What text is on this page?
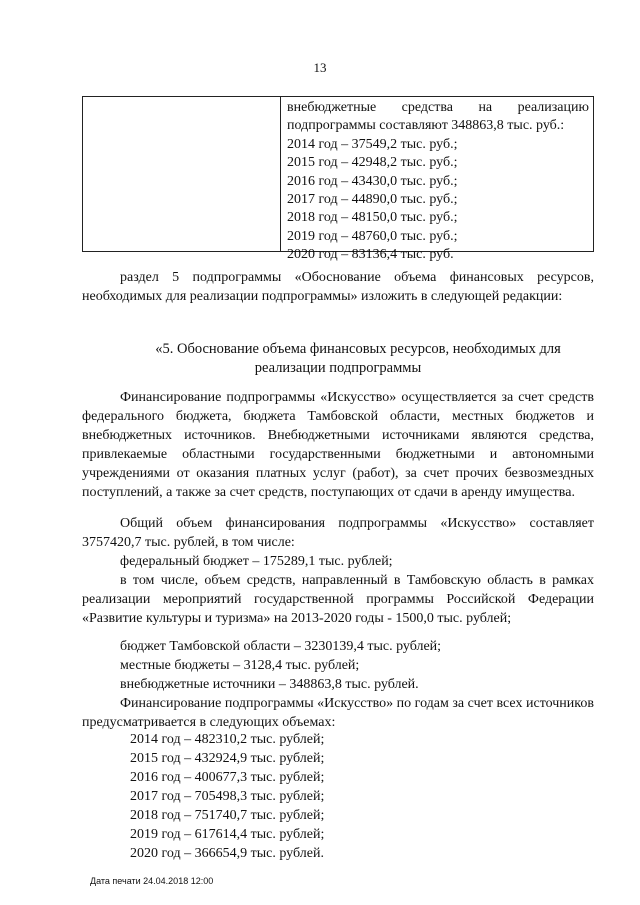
13
внебюджетные средства на реализацию
подпрограммы составляют 348863,8 тыс. руб.:
2014 год – 37549,2 тыс. руб.;
2015 год – 42948,2 тыс. руб.;
2016 год – 43430,0 тыс. руб.;
2017 год – 44890,0 тыс. руб.;
2018 год – 48150,0 тыс. руб.;
2019 год – 48760,0 тыс. руб.;
2020 год – 83136,4 тыс. руб.
раздел 5 подпрограммы «Обоснование объема финансовых ресурсов, необходимых для реализации подпрограммы» изложить в следующей редакции:
«5. Обоснование объема финансовых ресурсов, необходимых для
реализации подпрограммы
Финансирование подпрограммы «Искусство» осуществляется за счет средств федерального бюджета, бюджета Тамбовской области, местных бюджетов и внебюджетных источников. Внебюджетными источниками являются средства, привлекаемые областными государственными бюджетными и автономными учреждениями от оказания платных услуг (работ), за счет прочих безвозмездных поступлений, а также за счет средств, поступающих от сдачи в аренду имущества.
Общий объем финансирования подпрограммы «Искусство» составляет 3757420,7 тыс. рублей, в том числе:
федеральный бюджет – 175289,1 тыс. рублей;
в том числе, объем средств, направленный в Тамбовскую область в рамках реализации мероприятий государственной программы Российской Федерации «Развитие культуры и туризма» на 2013-2020 годы - 1500,0 тыс. рублей;
бюджет Тамбовской области – 3230139,4 тыс. рублей;
местные бюджеты – 3128,4 тыс. рублей;
внебюджетные источники – 348863,8 тыс. рублей.
Финансирование подпрограммы «Искусство» по годам за счет всех источников предусматривается в следующих объемах:
2014 год – 482310,2 тыс. рублей;
2015 год – 432924,9 тыс. рублей;
2016 год – 400677,3 тыс. рублей;
2017 год – 705498,3 тыс. рублей;
2018 год – 751740,7 тыс. рублей;
2019 год – 617614,4 тыс. рублей;
2020 год – 366654,9 тыс. рублей.
Дата печати 24.04.2018 12:00
